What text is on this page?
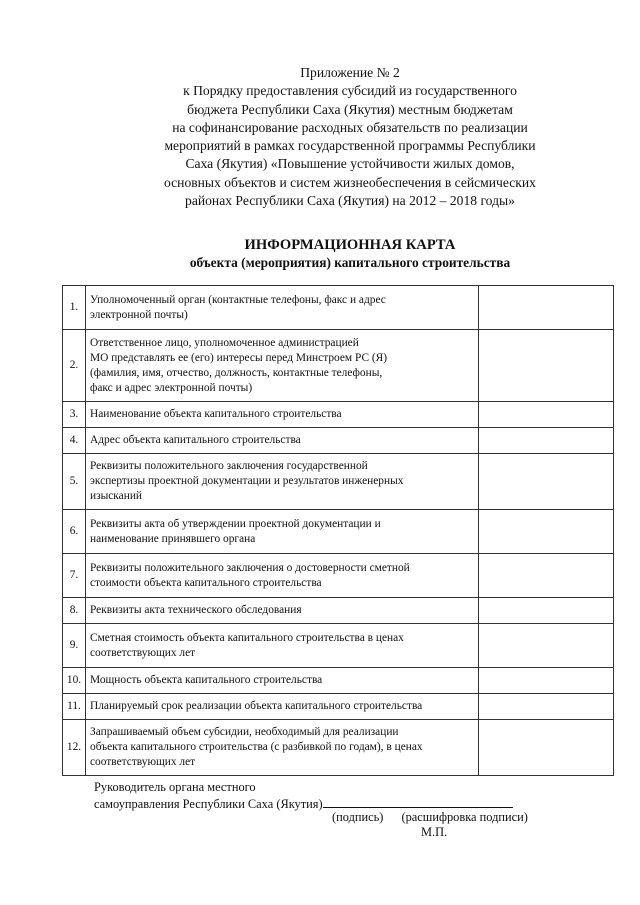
Приложение № 2
к Порядку предоставления субсидий из государственного
бюджета Республики Саха (Якутия) местным бюджетам
на софинансирование расходных обязательств по реализации
мероприятий в рамках государственной программы Республики
Саха (Якутия) «Повышение устойчивости жилых домов,
основных объектов и систем жизнеобеспечения в сейсмических
районах Республики Саха (Якутия) на 2012 – 2018 годы»
ИНФОРМАЦИОННАЯ КАРТА
объекта (мероприятия) капитального строительства
1.	Уполномоченный орган (контактные телефоны, факс и адрес
электронной почты)	

2.	Ответственное лицо, уполномоченное администрацией
МО представлять ее (его) интересы перед Минстроем РС (Я)
(фамилия, имя, отчество, должность, контактные телефоны,
факс и адрес электронной почты)	

3.	Наименование объекта капитального строительства	

4.	Адрес объекта капитального строительства	

5.	Реквизиты положительного заключения государственной
экспертизы проектной документации и результатов инженерных
изысканий	

6.	Реквизиты акта об утверждении проектной документации и
наименование принявшего органа	

7.	Реквизиты положительного заключения о достоверности сметной
стоимости объекта капитального строительства	

8.	Реквизиты акта технического обследования	

9.	Сметная стоимость объекта капитального строительства в ценах
соответствующих лет	

10.	Мощность объекта капитального строительства	

11.	Планируемый срок реализации объекта капитального строительства	

12.	Запрашиваемый объем субсидии, необходимый для реализации
объекта капитального строительства (с разбивкой по годам), в ценах
соответствующих лет	

Руководитель органа местного
самоуправления Республики Саха (Якутия)
(подпись) (расшифровка подписи)
М.П.
